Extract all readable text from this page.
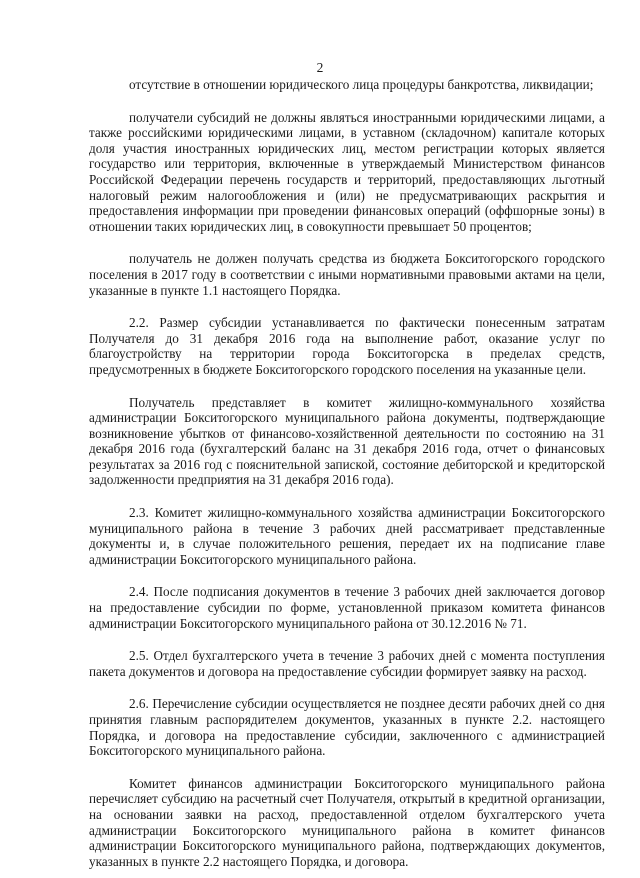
2

отсутствие в отношении юридического лица процедуры банкротства, ликвидации;

получатели субсидий не должны являться иностранными юридическими лицами, а также российскими юридическими лицами, в уставном (складочном) капитале которых доля участия иностранных юридических лиц, местом регистрации которых является государство или территория, включенные в утверждаемый Министерством финансов Российской Федерации перечень государств и территорий, предоставляющих льготный налоговый режим налогообложения и (или) не предусматривающих раскрытия и предоставления информации при проведении финансовых операций (оффшорные зоны) в отношении таких юридических лиц, в совокупности превышает 50 процентов;

получатель не должен получать средства из бюджета Бокситогорского городского поселения в 2017 году в соответствии с иными нормативными правовыми актами на цели, указанные в пункте 1.1 настоящего Порядка.

2.2. Размер субсидии устанавливается по фактически понесенным затратам Получателя до 31 декабря 2016 года на выполнение работ, оказание услуг по благоустройству на территории города Бокситогорска в пределах средств, предусмотренных в бюджете Бокситогорского городского поселения на указанные цели.

Получатель представляет в комитет жилищно-коммунального хозяйства администрации Бокситогорского муниципального района документы, подтверждающие возникновение убытков от финансово-хозяйственной деятельности по состоянию на 31 декабря 2016 года (бухгалтерский баланс на 31 декабря 2016 года, отчет о финансовых результатах за 2016 год с пояснительной запиской, состояние дебиторской и кредиторской задолженности предприятия на 31 декабря 2016 года).

2.3. Комитет жилищно-коммунального хозяйства администрации Бокситогорского муниципального района в течение 3 рабочих дней рассматривает представленные документы и, в случае положительного решения, передает их на подписание главе администрации Бокситогорского муниципального района.

2.4. После подписания документов в течение 3 рабочих дней заключается договор на предоставление субсидии по форме, установленной приказом комитета финансов администрации Бокситогорского муниципального района от 30.12.2016 № 71.

2.5. Отдел бухгалтерского учета в течение 3 рабочих дней с момента поступления пакета документов и договора на предоставление субсидии формирует заявку на расход.

2.6. Перечисление субсидии осуществляется не позднее десяти рабочих дней со дня принятия главным распорядителем документов, указанных в пункте 2.2. настоящего Порядка, и договора на предоставление субсидии, заключенного с администрацией Бокситогорского муниципального района.

Комитет финансов администрации Бокситогорского муниципального района перечисляет субсидию на расчетный счет Получателя, открытый в кредитной организации, на основании заявки на расход, предоставленной отделом бухгалтерского учета администрации Бокситогорского муниципального района в комитет финансов администрации Бокситогорского муниципального района, подтверждающих документов, указанных в пункте 2.2 настоящего Порядка, и договора.
